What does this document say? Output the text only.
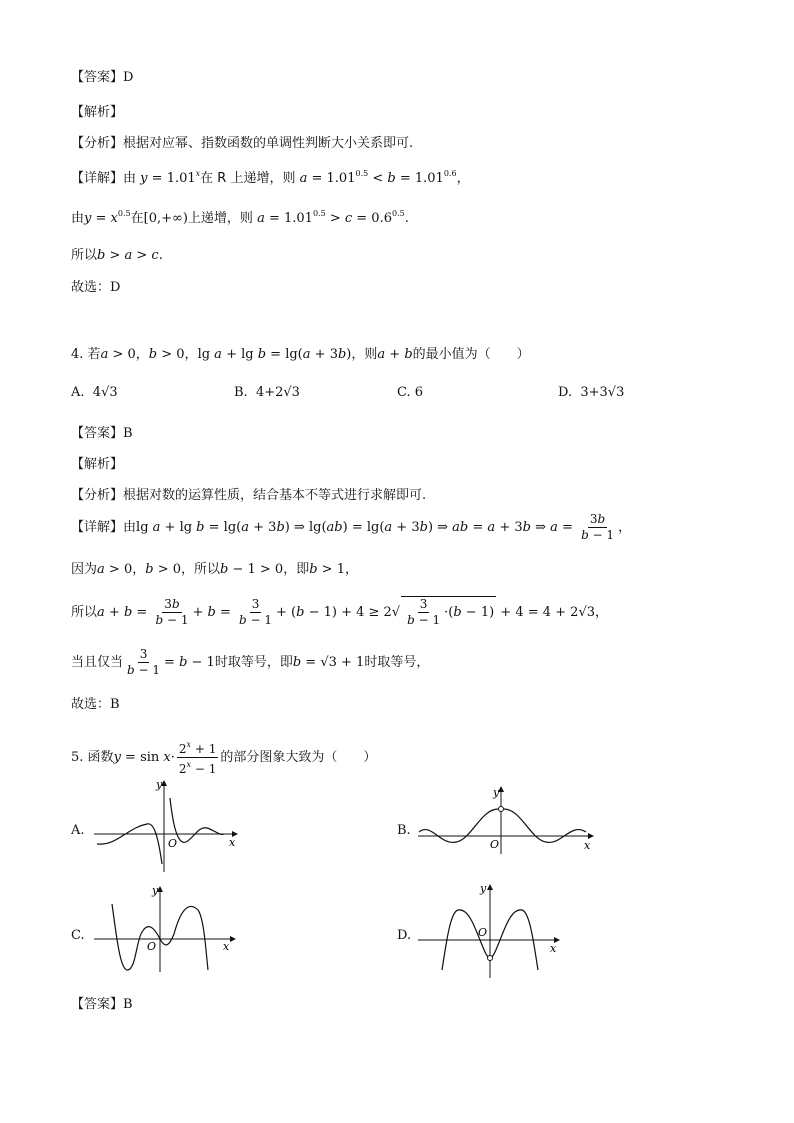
【答案】D
【解析】
【分析】根据对应幂、指数函数的单调性判断大小关系即可.
【详解】由 $y = 1.01^x$在 R 上递增，则 $a = 1.01^{0.5} < b = 1.01^{0.6}$，
由$y = x^{0.5}$在[0,+∞)上递增，则 $a = 1.01^{0.5} > c = 0.6^{0.5}$.
所以b > a > c.
故选：D
4. 若a > 0，b > 0，lg a + lg b = lg(a + 3b)，则a + b的最小值为（　　）
A. 4√3	B. 4+2√3	C. 6	D. 3+3√3
【答案】B
【解析】
【分析】根据对数的运算性质，结合基本不等式进行求解即可.
【详解】由lg a + lg b = lg(a + 3b) ⇒ lg(ab) = lg(a + 3b) ⇒ ab = a + 3b ⇒ $a = \frac{3b}{b - 1}$ ，
因为a > 0，b > 0，所以b − 1 > 0，即b > 1，
所以$a + b = \frac{3b}{b - 1} + b = \frac{3}{b - 1} + (b - 1) + 4 \ge 2√ \frac{3}{b - 1} \cdot(b - 1) + 4 = 4 + 2√3$，
当且仅当 $\frac{3}{b - 1} = b - 1$时取等号，即b = √3 + 1时取等号，
故选：B
5. 函数$y = \sin x\cdot \frac{2^x + 1}{2^x - 1}$ 的部分图象大致为（　　）
A.
y
x
O
B.
y
x
O
C.
y
x
O
D.
y
x
O
【答案】B
